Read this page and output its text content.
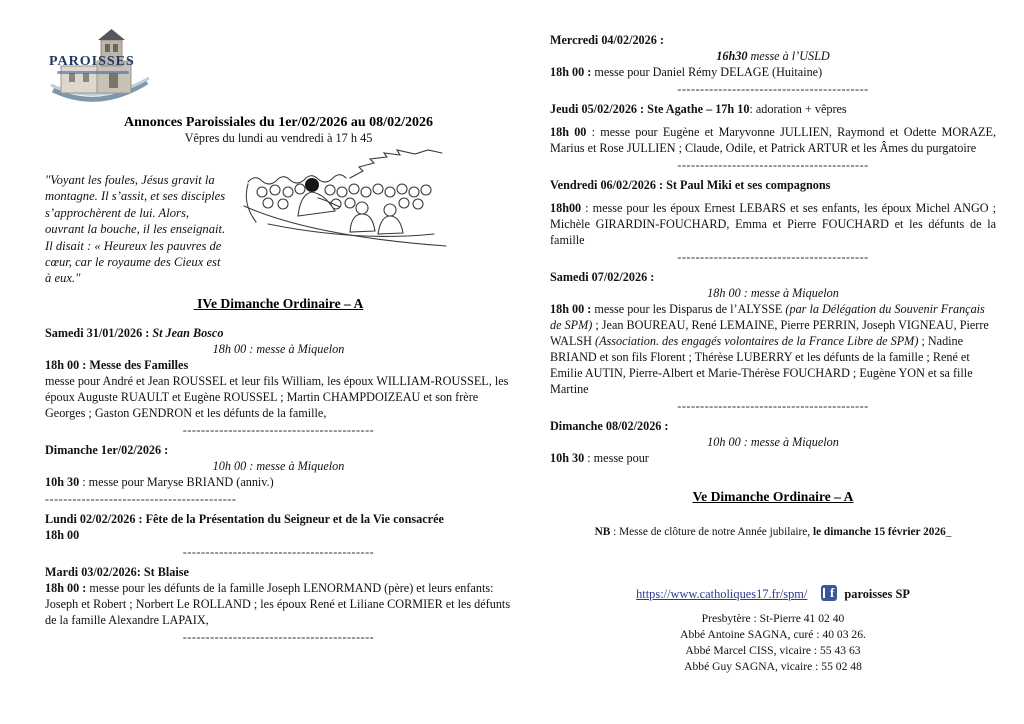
PAROISSES
Annonces Paroissiales du 1er/02/2026 au 08/02/2026
Vêpres du lundi au vendredi à 17 h 45
"Voyant les foules, Jésus gravit la montagne. Il s’assit, et ses disciples s’approchèrent de lui. Alors, ouvrant la bouche, il les enseignait. Il disait : « Heureux les pauvres de cœur, car le royaume des Cieux est à eux."
IVe Dimanche Ordinaire – A

Samedi 31/01/2026 : St Jean Bosco

18h 00 : messe à Miquelon

18h 00 : Messe des Familles

messe pour André et Jean ROUSSEL et leur fils William, les époux WILLIAM-ROUSSEL, les époux Auguste RUAULT et Eugène ROUSSEL ; Martin CHAMPDOIZEAU et son frère Georges ; Gaston GENDRON et les défunts de la famille,

------------------------------------------

Dimanche 1er/02/2026 :

10h 00 : messe à Miquelon

10h 30 : messe pour Maryse BRIAND (anniv.)

------------------------------------------

Lundi 02/02/2026 : Fête de la Présentation du Seigneur et de la Vie consacrée

18h 00

------------------------------------------

Mardi 03/02/2026: St Blaise

18h 00 : messe pour les défunts de la famille Joseph LENORMAND (père) et leurs enfants: Joseph et Robert ; Norbert Le ROLLAND ; les époux René et Liliane CORMIER et les défunts de la famille Alexandre LAPAIX,

------------------------------------------

Mercredi 04/02/2026 :

16h30 messe à l’USLD

18h 00 : messe pour Daniel Rémy DELAGE (Huitaine)

------------------------------------------

Jeudi 05/02/2026 : Ste Agathe – 17h 10: adoration + vêpres

18h 00 : messe pour Eugène et Maryvonne JULLIEN, Raymond et Odette MORAZE, Marius et Rose JULLIEN ; Claude, Odile, et Patrick ARTUR et les Âmes du purgatoire

------------------------------------------

Vendredi 06/02/2026 : St Paul Miki et ses compagnons

18h00 : messe pour les époux Ernest LEBARS et ses enfants, les époux Michel ANGO ; Michèle GIRARDIN-FOUCHARD, Emma et Pierre FOUCHARD et les défunts de la famille

------------------------------------------

Samedi 07/02/2026 :

18h 00 : messe à Miquelon

18h 00 : messe pour les Disparus de l’ALYSSE (par la Délégation du Souvenir Français de SPM) ; Jean BOUREAU, René LEMAINE, Pierre PERRIN, Joseph VIGNEAU, Pierre WALSH (Association. des engagés volontaires de la France Libre de SPM) ; Nadine BRIAND et son fils Florent ; Thérèse LUBERRY et les défunts de la famille ; René et Emilie AUTIN, Pierre-Albert et Marie-Thérèse FOUCHARD ; Eugène YON et sa fille Martine

------------------------------------------

Dimanche 08/02/2026 :

10h 00 : messe à Miquelon

10h 30 : messe pour

Ve Dimanche Ordinaire – A

NB : Messe de clôture de notre Année jubilaire, le dimanche 15 février 2026_

https://www.catholiques17.fr/spm/ f paroisses SP

Presbytère : St-Pierre 41 02 40

Abbé Antoine SAGNA, curé : 40 03 26.

Abbé Marcel CISS, vicaire : 55 43 63

Abbé Guy SAGNA, vicaire : 55 02 48
